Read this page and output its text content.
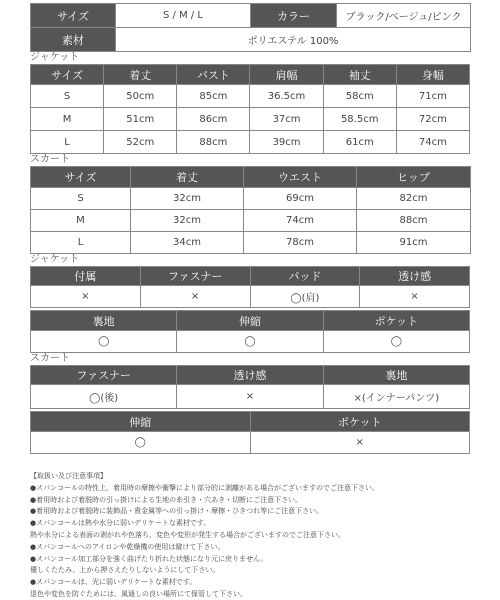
サイズ	S / M / L	カラー	ブラック/ベージュ/ピンク
素材	ポリエステル 100%		
ジャケット
サイズ	着丈	バスト	肩幅	袖丈	身幅
S	50cm	85cm	36.5cm	58cm	71cm
M	51cm	86cm	37cm	58.5cm	72cm
L	52cm	88cm	39cm	61cm	74cm
スカート
サイズ	着丈	ウエスト	ヒップ
S	32cm	69cm	82cm
M	32cm	74cm	88cm
L	34cm	78cm	91cm
ジャケット
付属	ファスナー	パッド	透け感
×	×	◯(肩)	×
裏地	伸縮	ポケット
◯	◯	◯
スカート
ファスナー	透け感	裏地
◯(後)	×	×(インナーパンツ)
伸縮	ポケット
◯	×
【取扱い及び注意事項】
●スパンコールの特性上、着用時の摩擦や衝撃により部分的に剥離がある場合がございますのでご注意下さい。
●着用時および着脱時の引っ掛けによる生地の糸引き・穴あき・切断にご注意下さい。
●着用時および着脱時に装飾品・貴金属等への引っ掛け・摩擦・ひきつれ等にご注意下さい。
●スパンコールは熱や水分に弱いデリケートな素材です。
熱や水分による表面の剥がれや色落ち、変色や変形が発生する場合がございますのでご注意下さい。
●スパンコールへのアイロンや乾燥機の使用は避けて下さい。
●スパンコール加工部分を強く曲げたり折れた状態になり元に戻りません。
優しくたたみ、上から押さえたりしないようにして下さい。
●スパンコールは、光に弱いデリケートな素材です。
退色や変色を防ぐためには、風通しの良い場所にて保管して下さい。
